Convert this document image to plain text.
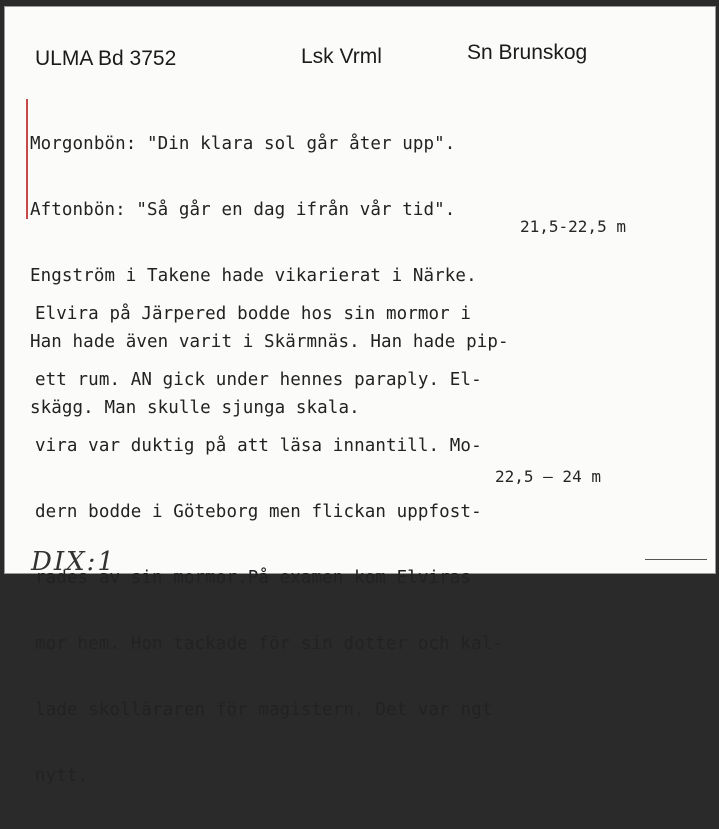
ULMA Bd 3752	Lsk Vrml	Sn Brunskog

Morgonbön: "Din klara sol går åter upp".

Aftonbön: "Så går en dag ifrån vår tid".

Engström i Takene hade vikarierat i Närke.

Han hade även varit i Skärmnäs. Han hade pip-

skägg. Man skulle sjunga skala.

21,5-22,5 m

Elvira på Järpered bodde hos sin mormor i

ett rum. AN gick under hennes paraply. El-

vira var duktig på att läsa innantill. Mo-

dern bodde i Göteborg men flickan uppfost-

rades av sin mormor.På examen kom Elviras

mor hem. Hon tackade för sin dotter och kal-

lade skolläraren för magistern. Det var ngt

nytt.

22,5 – 24 m
DIX:1
